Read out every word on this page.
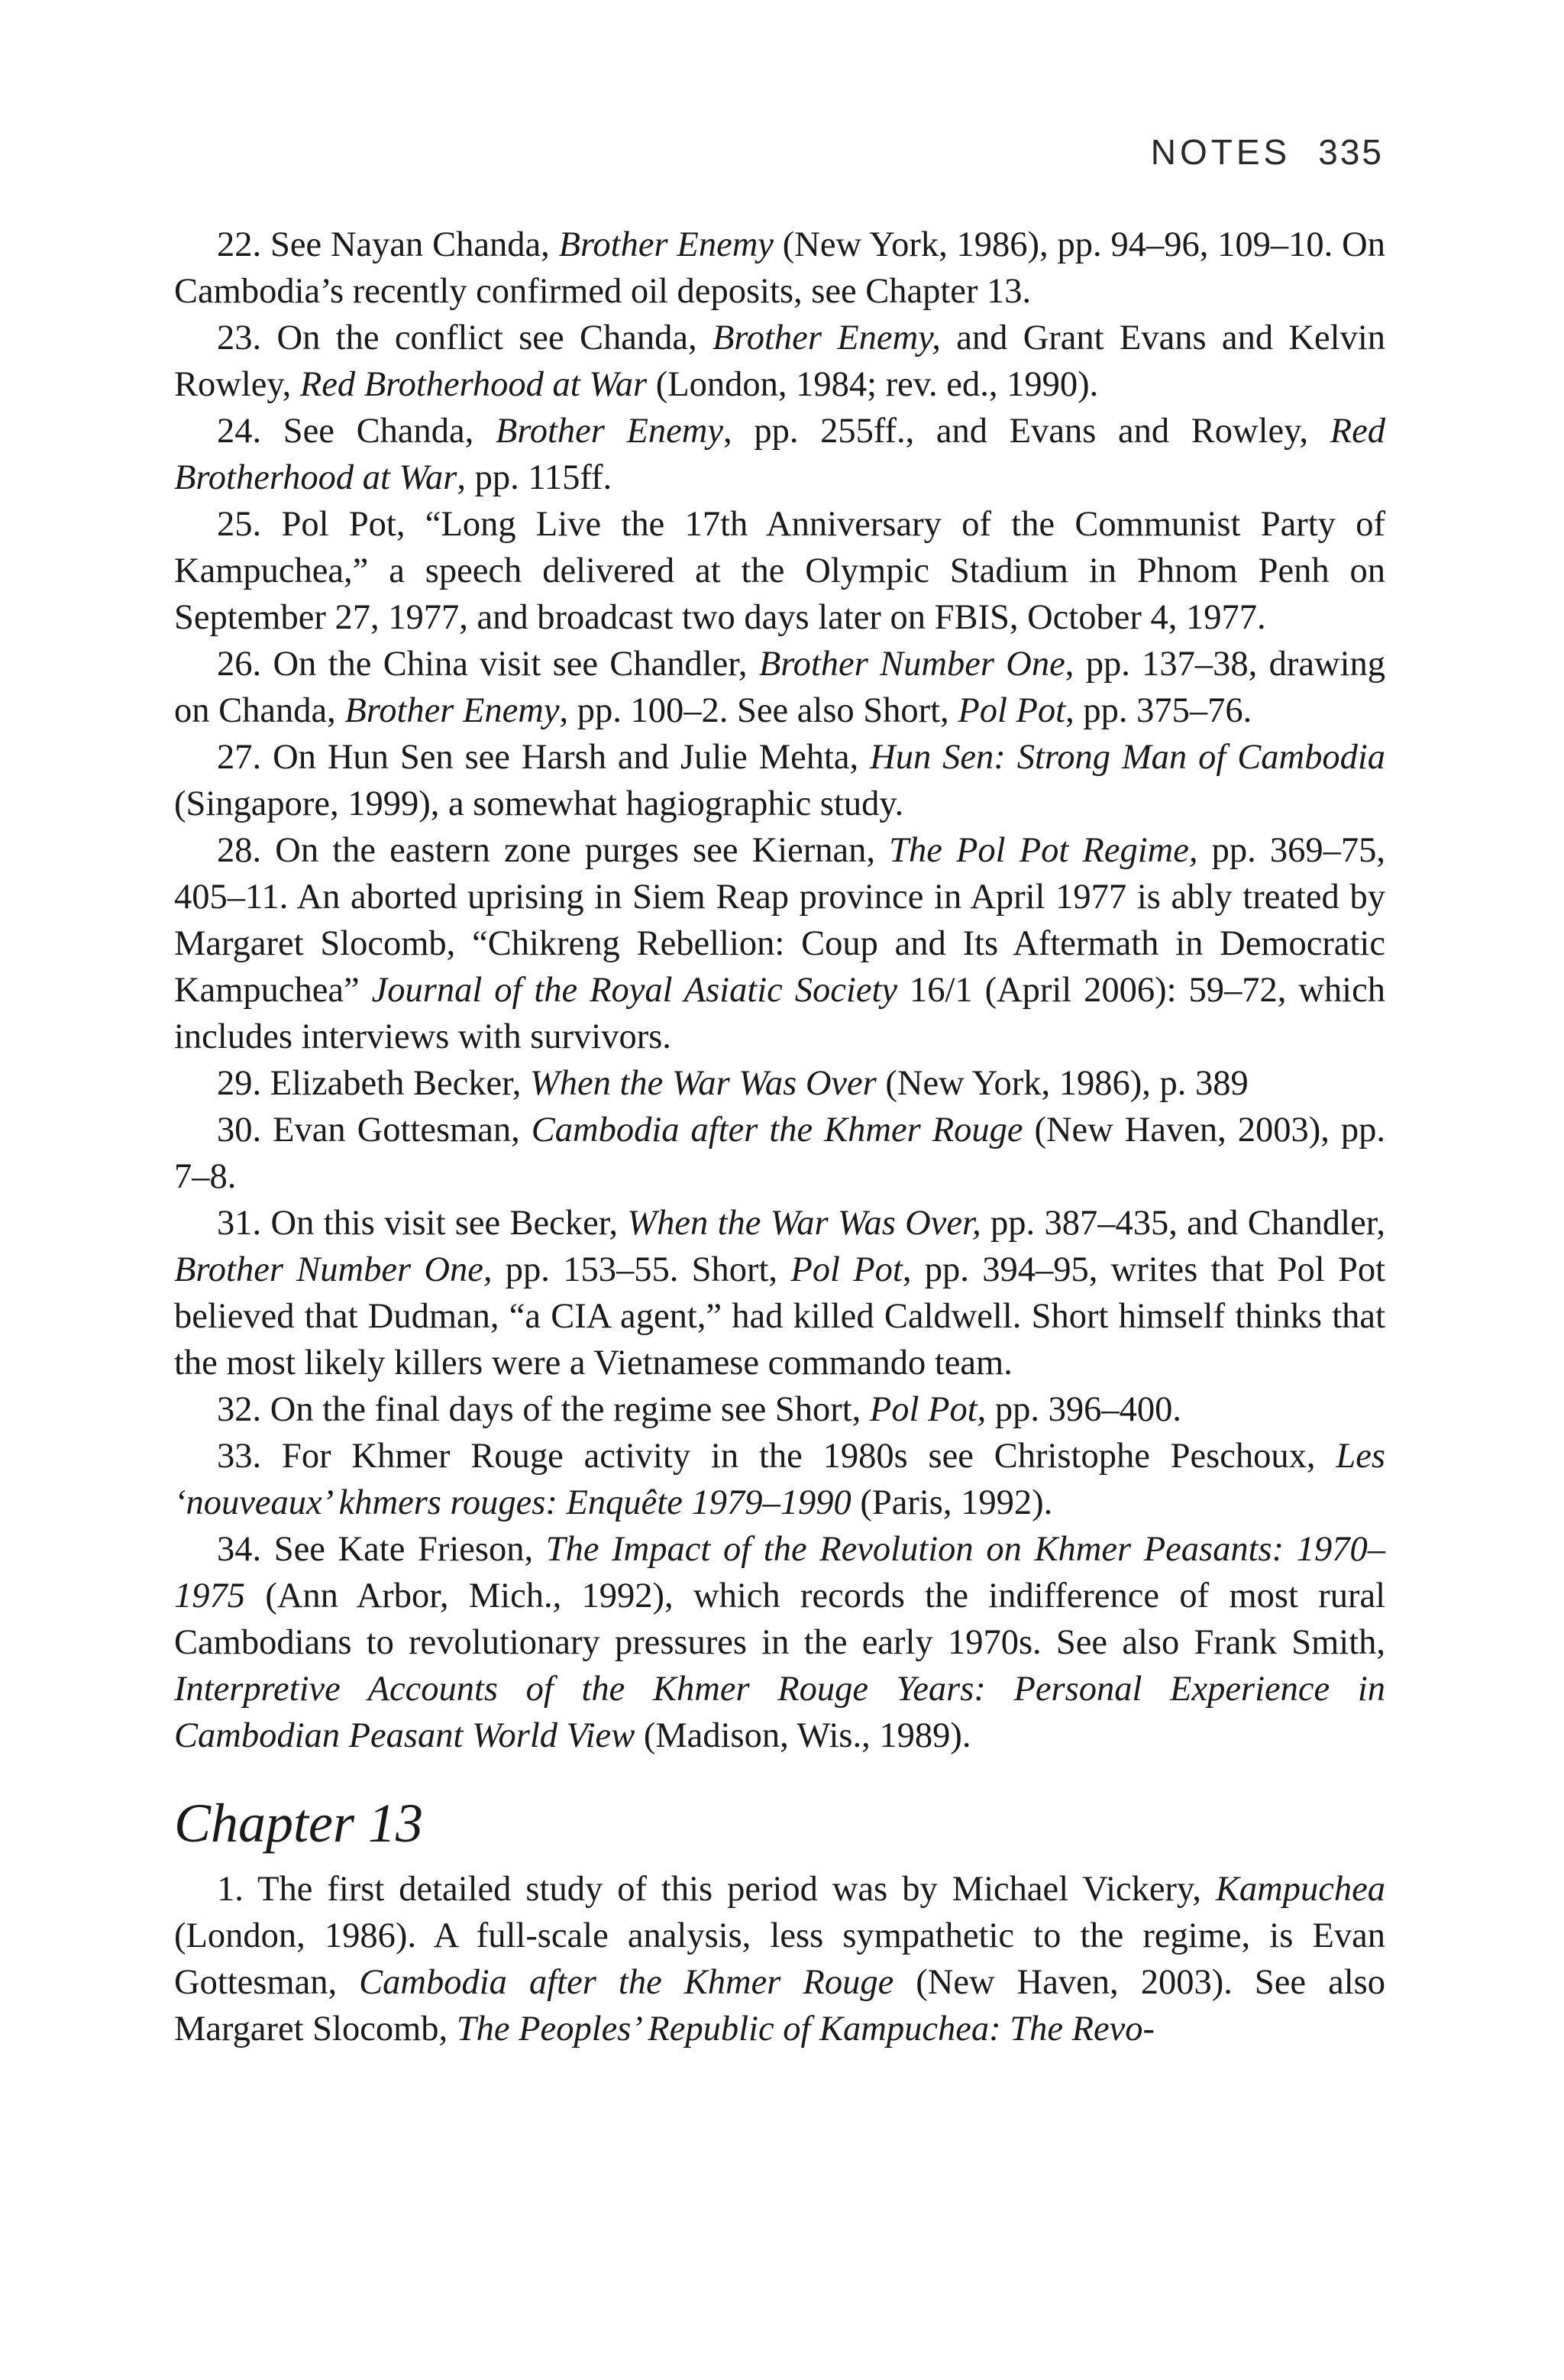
NOTES 335

22. See Nayan Chanda, Brother Enemy (New York, 1986), pp. 94–96, 109–10. On Cambodia’s recently confirmed oil deposits, see Chapter 13.

23. On the conflict see Chanda, Brother Enemy, and Grant Evans and Kelvin Rowley, Red Brotherhood at War (London, 1984; rev. ed., 1990).

24. See Chanda, Brother Enemy, pp. 255ff., and Evans and Rowley, Red Brotherhood at War, pp. 115ff.

25. Pol Pot, “Long Live the 17th Anniversary of the Communist Party of Kampuchea,” a speech delivered at the Olympic Stadium in Phnom Penh on September 27, 1977, and broadcast two days later on FBIS, October 4, 1977.

26. On the China visit see Chandler, Brother Number One, pp. 137–38, drawing on Chanda, Brother Enemy, pp. 100–2. See also Short, Pol Pot, pp. 375–76.

27. On Hun Sen see Harsh and Julie Mehta, Hun Sen: Strong Man of Cambodia (Singapore, 1999), a somewhat hagiographic study.

28. On the eastern zone purges see Kiernan, The Pol Pot Regime, pp. 369–75, 405–11. An aborted uprising in Siem Reap province in April 1977 is ably treated by Margaret Slocomb, “Chikreng Rebellion: Coup and Its Aftermath in Democratic Kampuchea” Journal of the Royal Asiatic Society 16/1 (April 2006): 59–72, which includes interviews with survivors.

29. Elizabeth Becker, When the War Was Over (New York, 1986), p. 389

30. Evan Gottesman, Cambodia after the Khmer Rouge (New Haven, 2003), pp. 7–8.

31. On this visit see Becker, When the War Was Over, pp. 387–435, and Chandler, Brother Number One, pp. 153–55. Short, Pol Pot, pp. 394–95, writes that Pol Pot believed that Dudman, “a CIA agent,” had killed Caldwell. Short himself thinks that the most likely killers were a Vietnamese commando team.

32. On the final days of the regime see Short, Pol Pot, pp. 396–400.

33. For Khmer Rouge activity in the 1980s see Christophe Peschoux, Les ‘nouveaux’ khmers rouges: Enquête 1979–1990 (Paris, 1992).

34. See Kate Frieson, The Impact of the Revolution on Khmer Peasants: 1970–1975 (Ann Arbor, Mich., 1992), which records the indifference of most rural Cambodians to revolutionary pressures in the early 1970s. See also Frank Smith, Interpretive Accounts of the Khmer Rouge Years: Personal Experience in Cambodian Peasant World View (Madison, Wis., 1989).

Chapter 13

1. The first detailed study of this period was by Michael Vickery, Kampuchea (London, 1986). A full-scale analysis, less sympathetic to the regime, is Evan Gottesman, Cambodia after the Khmer Rouge (New Haven, 2003). See also Margaret Slocomb, The Peoples’ Republic of Kampuchea: The Revo-
